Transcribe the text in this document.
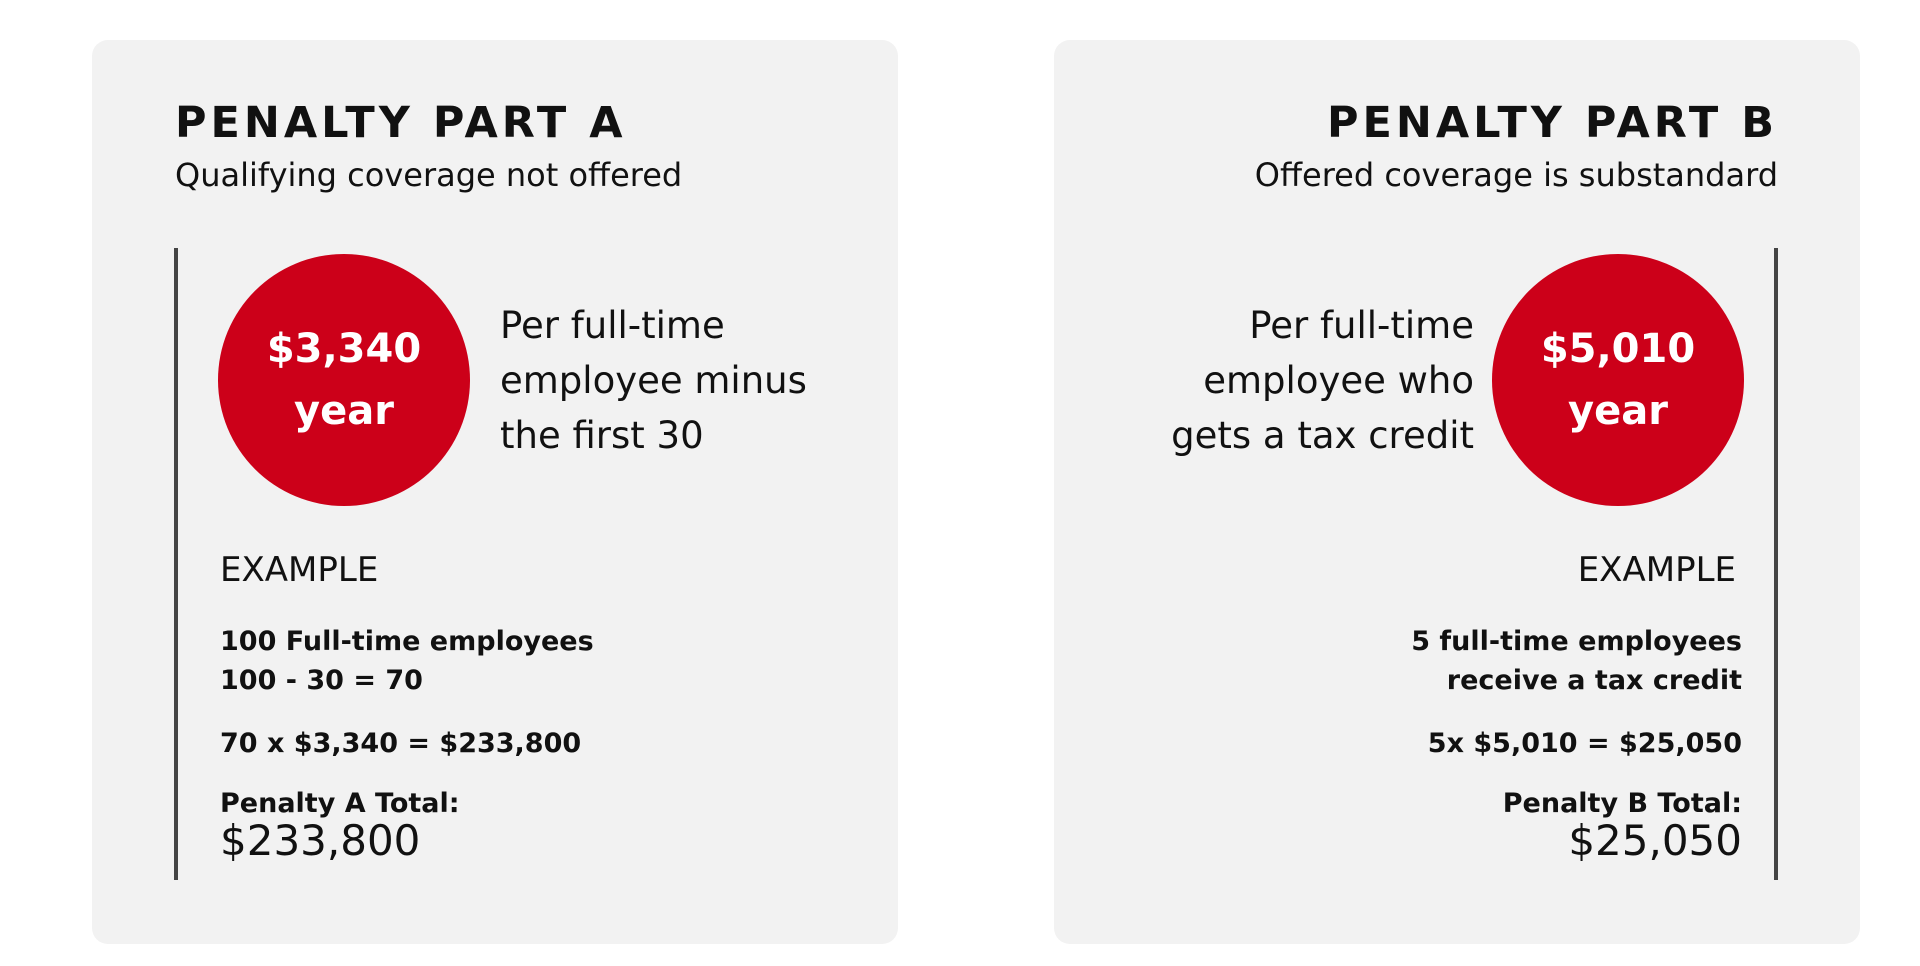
PENALTY PART A
Qualifying coverage not offered
$3,340
year
Per full-time
employee minus
the first 30
EXAMPLE
100 Full-time employees
100 - 30 = 70
70 x $3,340 = $233,800
Penalty A Total:
$233,800
PENALTY PART B
Offered coverage is substandard
Per full-time
employee who
gets a tax credit
$5,010
year
EXAMPLE
5 full-time employees
receive a tax credit
5x $5,010 = $25,050
Penalty B Total:
$25,050
